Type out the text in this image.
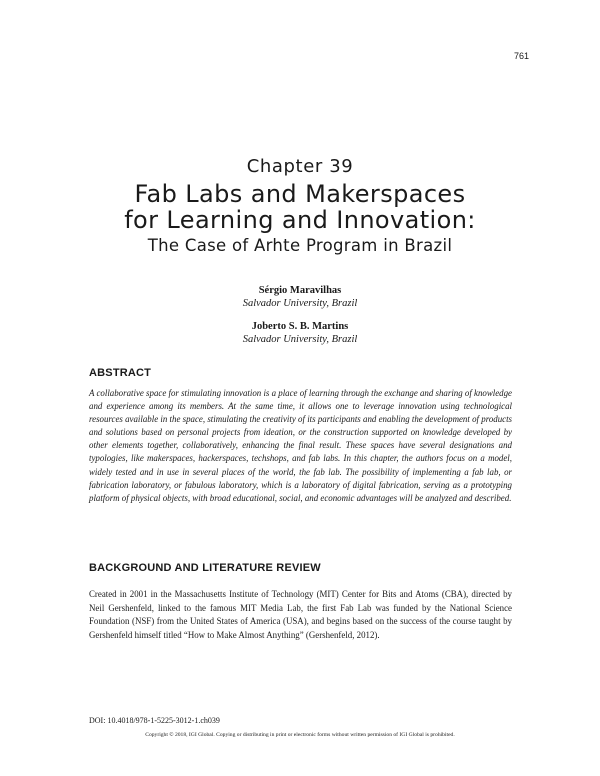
761
Chapter 39
Fab Labs and Makerspaces
for Learning and Innovation:
The Case of Arhte Program in Brazil
Sérgio Maravilhas
Salvador University, Brazil
Joberto S. B. Martins
Salvador University, Brazil
ABSTRACT
A collaborative space for stimulating innovation is a place of learning through the exchange and sharing of knowledge and experience among its members. At the same time, it allows one to leverage innovation using technological resources available in the space, stimulating the creativity of its participants and enabling the development of products and solutions based on personal projects from ideation, or the construction supported on knowledge developed by other elements together, collaboratively, enhancing the final result. These spaces have several designations and typologies, like makerspaces, hackerspaces, techshops, and fab labs. In this chapter, the authors focus on a model, widely tested and in use in several places of the world, the fab lab. The possibility of implementing a fab lab, or fabrication laboratory, or fabulous laboratory, which is a laboratory of digital fabrication, serving as a prototyping platform of physical objects, with broad educational, social, and economic advantages will be analyzed and described.
BACKGROUND AND LITERATURE REVIEW
Created in 2001 in the Massachusetts Institute of Technology (MIT) Center for Bits and Atoms (CBA), directed by Neil Gershenfeld, linked to the famous MIT Media Lab, the first Fab Lab was funded by the National Science Foundation (NSF) from the United States of America (USA), and begins based on the success of the course taught by Gershenfeld himself titled “How to Make Almost Anything” (Gershenfeld, 2012).
DOI: 10.4018/978-1-5225-3012-1.ch039
Copyright © 2018, IGI Global. Copying or distributing in print or electronic forms without written permission of IGI Global is prohibited.
